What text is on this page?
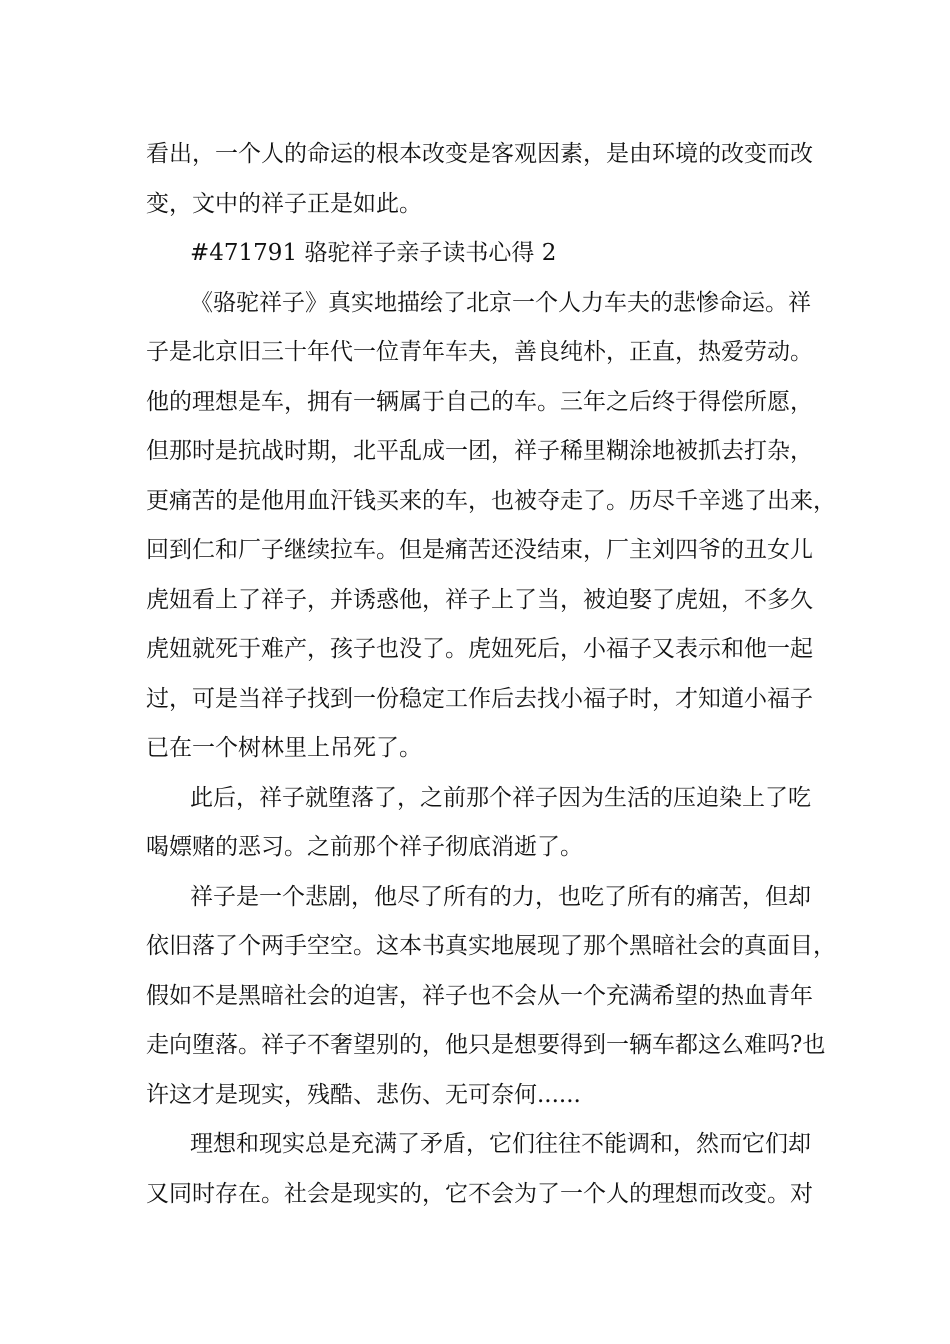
看出，一个人的命运的根本改变是客观因素，是由环境的改变而改
变，文中的祥子正是如此。
#471791 骆驼祥子亲子读书心得 2
《骆驼祥子》真实地描绘了北京一个人力车夫的悲惨命运。祥
子是北京旧三十年代一位青年车夫，善良纯朴，正直，热爱劳动。
他的理想是车，拥有一辆属于自己的车。三年之后终于得偿所愿，
但那时是抗战时期，北平乱成一团，祥子稀里糊涂地被抓去打杂，
更痛苦的是他用血汗钱买来的车，也被夺走了。历尽千辛逃了出来，
回到仁和厂子继续拉车。但是痛苦还没结束，厂主刘四爷的丑女儿
虎妞看上了祥子，并诱惑他，祥子上了当，被迫娶了虎妞，不多久
虎妞就死于难产，孩子也没了。虎妞死后，小福子又表示和他一起
过，可是当祥子找到一份稳定工作后去找小福子时，才知道小福子
已在一个树林里上吊死了。
此后，祥子就堕落了，之前那个祥子因为生活的压迫染上了吃
喝嫖赌的恶习。之前那个祥子彻底消逝了。
祥子是一个悲剧，他尽了所有的力，也吃了所有的痛苦，但却
依旧落了个两手空空。这本书真实地展现了那个黑暗社会的真面目，
假如不是黑暗社会的迫害，祥子也不会从一个充满希望的热血青年
走向堕落。祥子不奢望别的，他只是想要得到一辆车都这么难吗?也
许这才是现实，残酷、悲伤、无可奈何......
理想和现实总是充满了矛盾，它们往往不能调和，然而它们却
又同时存在。社会是现实的，它不会为了一个人的理想而改变。对
